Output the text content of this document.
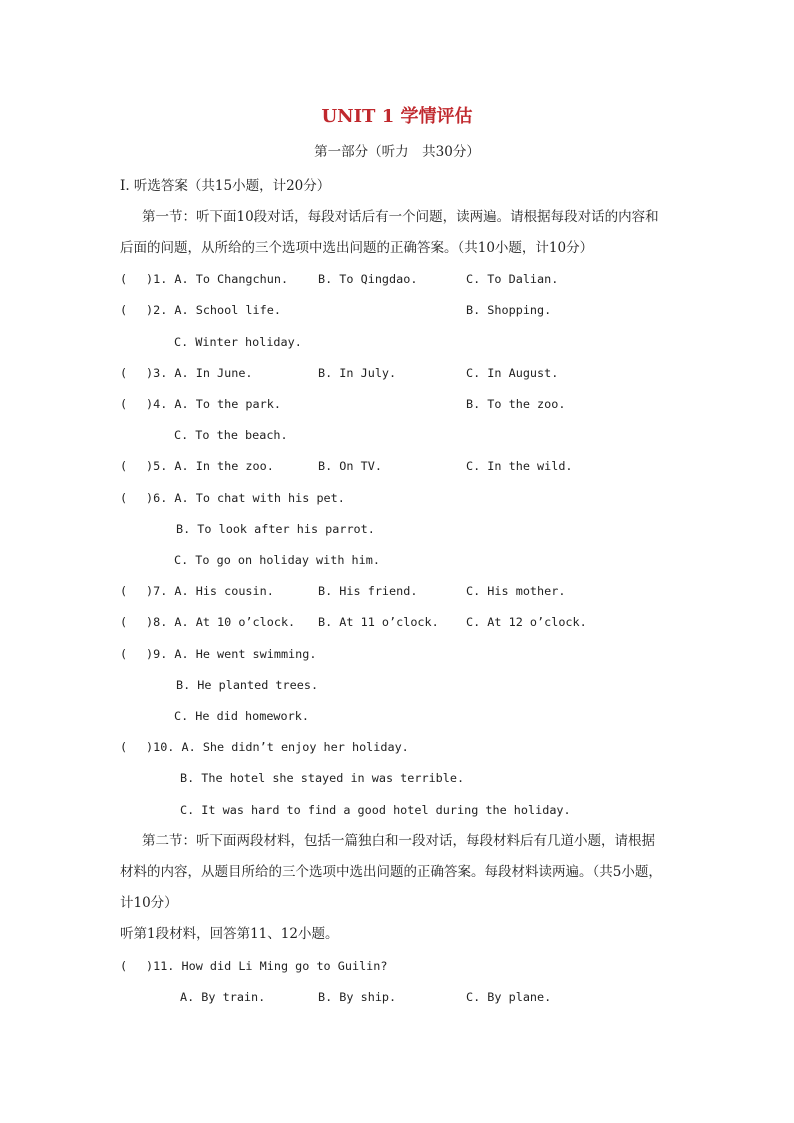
UNIT 1 学情评估
第一部分（听力　共30分）
Ⅰ. 听选答案（共15小题，计20分）
第一节：听下面10段对话，每段对话后有一个问题，读两遍。请根据每段对话的内容和
后面的问题，从所给的三个选项中选出问题的正确答案。（共10小题，计10分）
(　 )1. A. To Changchun.	B. To Qingdao.	C. To Dalian.
(　 )2. A. School life.	B. Shopping.
C. Winter holiday.
(　 )3. A. In June.	B. In July.	C. In August.
(　 )4. A. To the park.	B. To the zoo.
C. To the beach.
(　 )5. A. In the zoo.	B. On TV.	C. In the wild.
(　 )6. A. To chat with his pet.
B. To look after his parrot.
C. To go on holiday with him.
(　 )7. A. His cousin.	B. His friend.	C. His mother.
(　 )8. A. At 10 o’clock. B. At 11 o’clock. C. At 12 o’clock.
(　 )9. A. He went swimming.
B. He planted trees.
C. He did homework.
(　 )10. A. She didn’t enjoy her holiday.
B. The hotel she stayed in was terrible.
C. It was hard to find a good hotel during the holiday.
第二节：听下面两段材料，包括一篇独白和一段对话，每段材料后有几道小题，请根据
材料的内容，从题目所给的三个选项中选出问题的正确答案。每段材料读两遍。（共5小题，
计10分）
听第1段材料，回答第11、12小题。
(　 )11. How did Li Ming go to Guilin?
A. By train.	B. By ship.	C. By plane.
